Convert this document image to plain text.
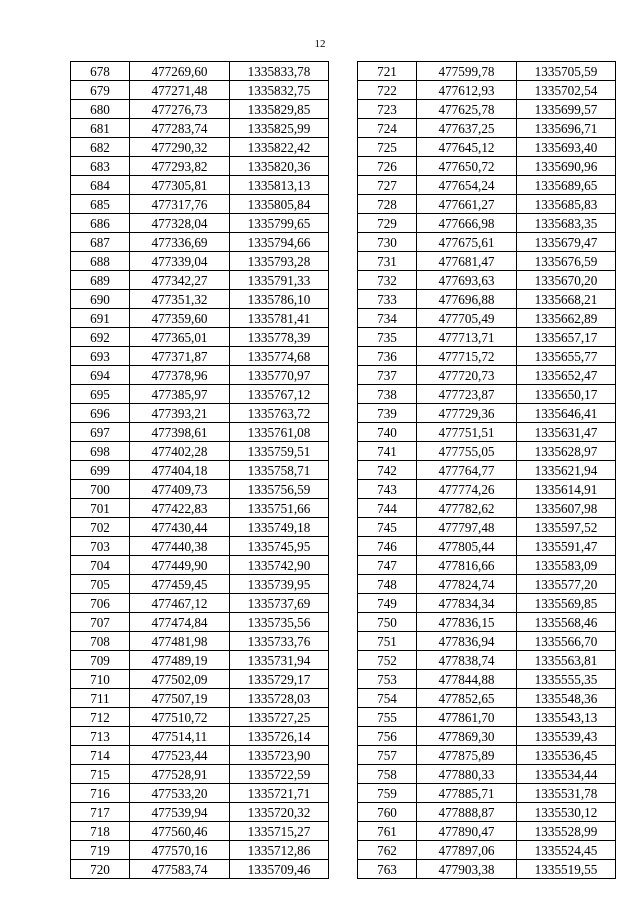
12
678	477269,60	1335833,78
679	477271,48	1335832,75
680	477276,73	1335829,85
681	477283,74	1335825,99
682	477290,32	1335822,42
683	477293,82	1335820,36
684	477305,81	1335813,13
685	477317,76	1335805,84
686	477328,04	1335799,65
687	477336,69	1335794,66
688	477339,04	1335793,28
689	477342,27	1335791,33
690	477351,32	1335786,10
691	477359,60	1335781,41
692	477365,01	1335778,39
693	477371,87	1335774,68
694	477378,96	1335770,97
695	477385,97	1335767,12
696	477393,21	1335763,72
697	477398,61	1335761,08
698	477402,28	1335759,51
699	477404,18	1335758,71
700	477409,73	1335756,59
701	477422,83	1335751,66
702	477430,44	1335749,18
703	477440,38	1335745,95
704	477449,90	1335742,90
705	477459,45	1335739,95
706	477467,12	1335737,69
707	477474,84	1335735,56
708	477481,98	1335733,76
709	477489,19	1335731,94
710	477502,09	1335729,17
711	477507,19	1335728,03
712	477510,72	1335727,25
713	477514,11	1335726,14
714	477523,44	1335723,90
715	477528,91	1335722,59
716	477533,20	1335721,71
717	477539,94	1335720,32
718	477560,46	1335715,27
719	477570,16	1335712,86
720	477583,74	1335709,46
721	477599,78	1335705,59
722	477612,93	1335702,54
723	477625,78	1335699,57
724	477637,25	1335696,71
725	477645,12	1335693,40
726	477650,72	1335690,96
727	477654,24	1335689,65
728	477661,27	1335685,83
729	477666,98	1335683,35
730	477675,61	1335679,47
731	477681,47	1335676,59
732	477693,63	1335670,20
733	477696,88	1335668,21
734	477705,49	1335662,89
735	477713,71	1335657,17
736	477715,72	1335655,77
737	477720,73	1335652,47
738	477723,87	1335650,17
739	477729,36	1335646,41
740	477751,51	1335631,47
741	477755,05	1335628,97
742	477764,77	1335621,94
743	477774,26	1335614,91
744	477782,62	1335607,98
745	477797,48	1335597,52
746	477805,44	1335591,47
747	477816,66	1335583,09
748	477824,74	1335577,20
749	477834,34	1335569,85
750	477836,15	1335568,46
751	477836,94	1335566,70
752	477838,74	1335563,81
753	477844,88	1335555,35
754	477852,65	1335548,36
755	477861,70	1335543,13
756	477869,30	1335539,43
757	477875,89	1335536,45
758	477880,33	1335534,44
759	477885,71	1335531,78
760	477888,87	1335530,12
761	477890,47	1335528,99
762	477897,06	1335524,45
763	477903,38	1335519,55
